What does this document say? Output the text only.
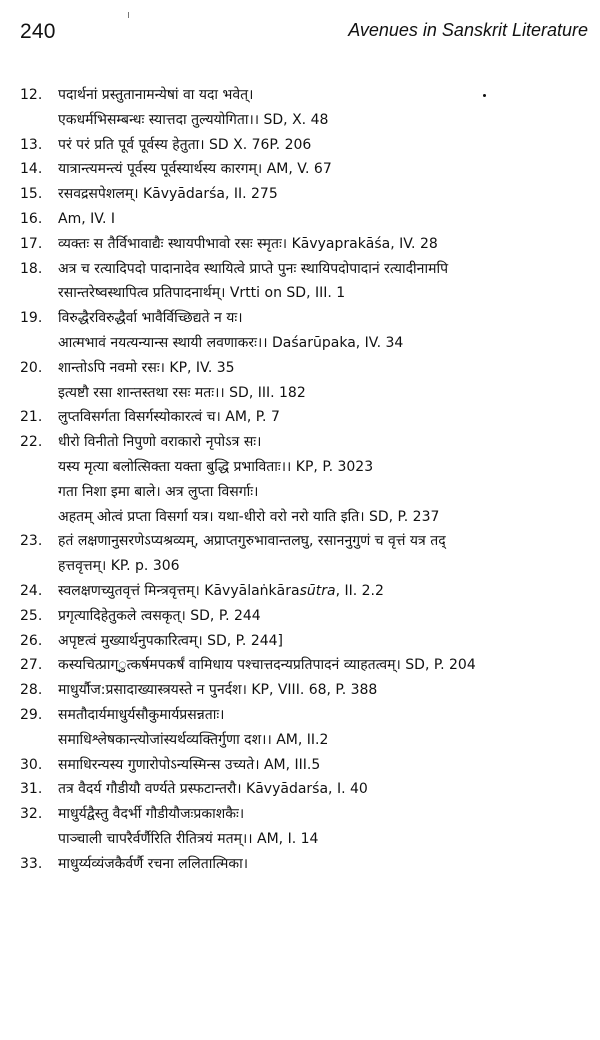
240	Avenues in Sanskrit Literature
12. पदार्थनां प्रस्तुतानामन्येषां वा यदा भवेत्।
एकधर्मभिसम्बन्धः स्यात्तदा तुल्ययोगिता।। SD, X. 48
13. परं परं प्रति पूर्व पूर्वस्य हेतुता। SD X. 76P. 206
14. यात्रान्त्यमन्त्यं पूर्वस्य पूर्वस्यार्थस्य कारगम्। AM, V. 67
15. रसवद्रसपेशलम्। Kāvyādarśa, II. 275
16. Am, IV. I
17. व्यक्तः स तैर्विभावाद्यैः स्थायपीभावो रसः स्मृतः। Kāvyaprakāśa, IV. 28
18. अत्र च रत्यादिपदो पादानादेव स्थायित्वे प्राप्ते पुनः स्थायिपदोपादानं रत्यादीनामपि
रसान्तरेष्वस्थापित्व प्रतिपादनार्थम्। Vrtti on SD, III. 1
19. विरुद्धैरविरुद्धैर्वा भावैर्विच्छिद्यते न यः।
आत्मभावं नयत्यन्यान्स स्थायी लवणाकरः।। Daśarūpaka, IV. 34
20. शान्तोऽपि नवमो रसः। KP, IV. 35
इत्यष्टौ रसा शान्तस्तथा रसः मतः।। SD, III. 182
21. लुप्तविसर्गता विसर्गस्योकारत्वं च। AM, P. 7
22. धीरो विनीतो निपुणो वराकारो नृपोऽत्र सः।
यस्य मृत्या बलोत्सिक्ता यक्ता बुद्धि प्रभाविताः।। KP, P. 3023
गता निशा इमा बाले। अत्र लुप्ता विसर्गाः।
अहतम् ओत्वं प्रप्ता विसर्गा यत्र। यथा-धीरो वरो नरो याति इति। SD, P. 237
23. हतं लक्षणानुसरणेऽप्यश्रव्यम्, अप्राप्तगुरुभावान्तलघु, रसाननुगुणं च वृत्तं यत्र तद्
हत्तवृत्तम्। KP. p. 306
24. स्वलक्षणच्युतवृत्तं मिन्त्रवृत्तम्। Kāvyālaṅkārasūtra, II. 2.2
25. प्रगृत्यादिहेतुकले त्वसकृत्। SD, P. 244
26. अपृष्टत्वं मुख्यार्थनुपकारित्वम्। SD, P. 244]
27. कस्यचित्प्राग्ुत्कर्षमपकर्षं वामिधाय पश्चात्तदन्यप्रतिपादनं व्याहतत्वम्। SD, P. 204
28. माधुर्यौज:प्रसादाख्यास्त्रयस्ते न पुनर्दश। KP, VIII. 68, P. 388
29. समतौदार्यमाधुर्यसौकुमार्यप्रसन्नताः।
समाधिश्लेषकान्त्योजांस्यर्थव्यक्तिर्गुणा दश।। AM, II.2
30. समाधिरन्यस्य गुणारोपोऽन्यस्मिन्स उच्यते। AM, III.5
31. तत्र वैदर्य गौडीयौ वर्ण्यते प्रस्फटान्तरौ। Kāvyādarśa, I. 40
32. माधुर्यद्वैस्तु वैदर्भी गौडीयौजःप्रकाशकैः।
पाञ्चाली चापरैर्वर्णैरिति रीतित्रयं मतम्।। AM, I. 14
33. माधुर्य्यव्यंजकैर्वर्णै रचना ललितात्मिका।
